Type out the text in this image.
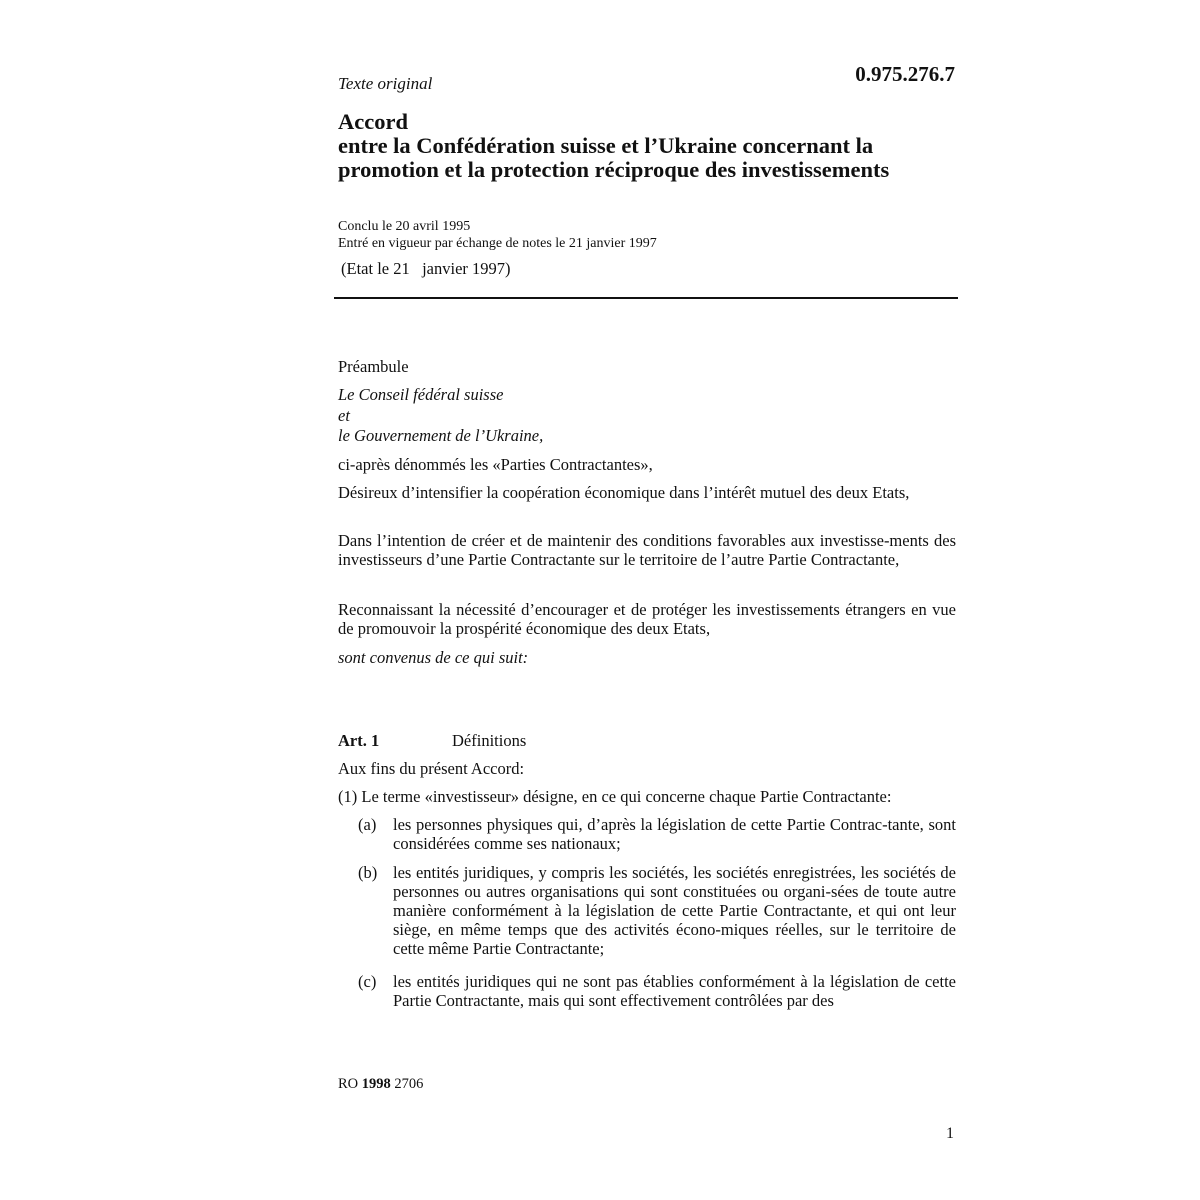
Texte original	0.975.276.7
Accord
entre la Confédération suisse et l’Ukraine concernant la
promotion et la protection réciproque des investissements
Conclu le 20 avril 1995
Entré en vigueur par échange de notes le 21 janvier 1997
(Etat le 21   janvier 1997)
Préambule
Le Conseil fédéral suisse
et
le Gouvernement de l’Ukraine,
ci-après dénommés les «Parties Contractantes»,
Désireux d’intensifier la coopération économique dans l’intérêt mutuel des deux Etats,
Dans l’intention de créer et de maintenir des conditions favorables aux investisse-ments des investisseurs d’une Partie Contractante sur le territoire de l’autre Partie Contractante,
Reconnaissant la nécessité d’encourager et de protéger les investissements étrangers en vue de promouvoir la prospérité économique des deux Etats,
sont convenus de ce qui suit:
Art. 1	Définitions
Aux fins du présent Accord:
(1) Le terme «investisseur» désigne, en ce qui concerne chaque Partie Contractante:
(a) les personnes physiques qui, d’après la législation de cette Partie Contrac-tante, sont considérées comme ses nationaux;
(b) les entités juridiques, y compris les sociétés, les sociétés enregistrées, les sociétés de personnes ou autres organisations qui sont constituées ou organi-sées de toute autre manière conformément à la législation de cette Partie Contractante, et qui ont leur siège, en même temps que des activités écono-miques réelles, sur le territoire de cette même Partie Contractante;
(c) les entités juridiques qui ne sont pas établies conformément à la législation de cette Partie Contractante, mais qui sont effectivement contrôlées par des
RO 1998 2706
1
